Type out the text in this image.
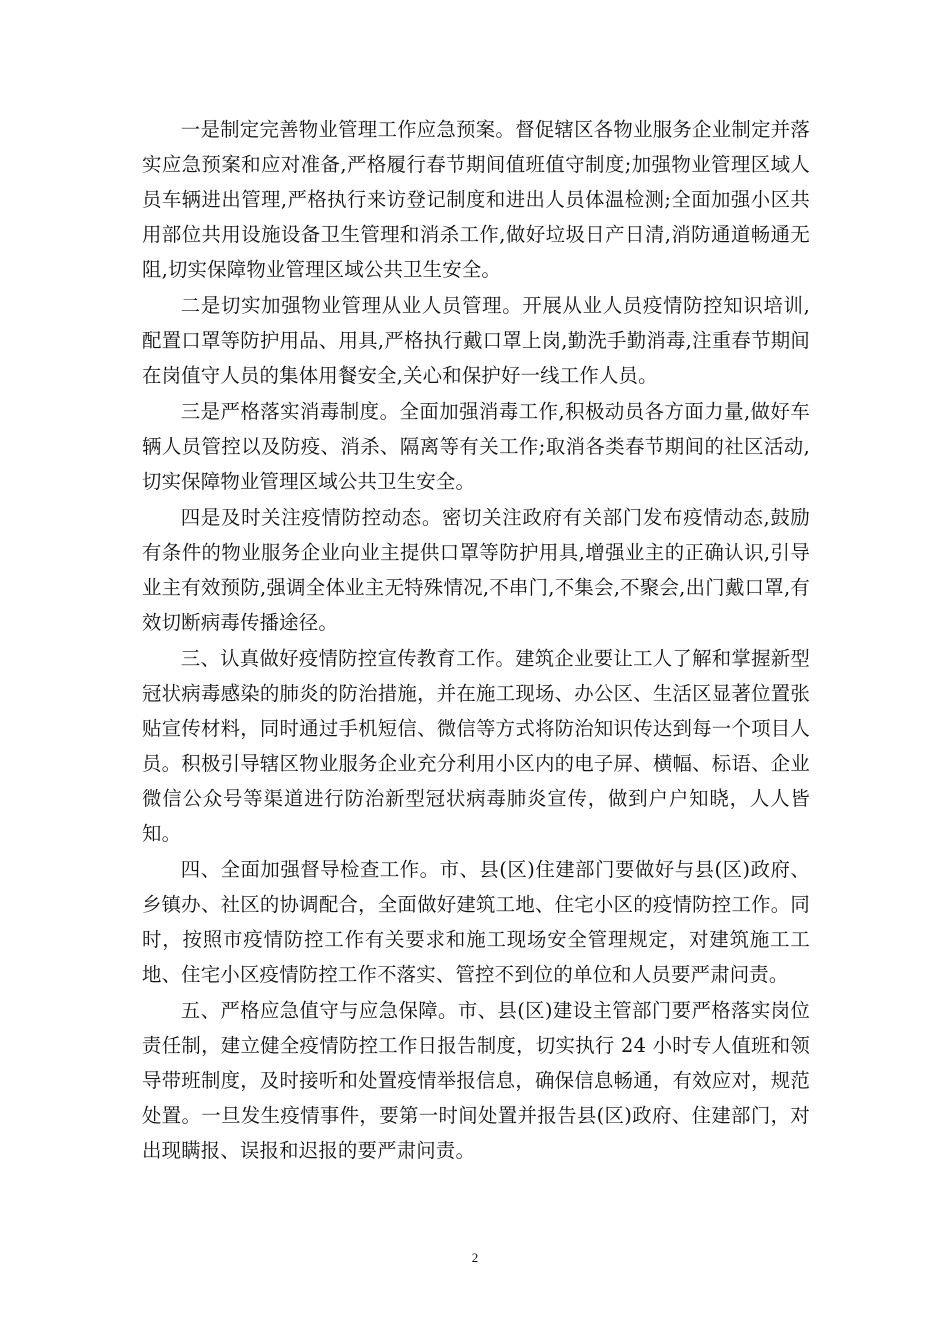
一是制定完善物业管理工作应急预案。督促辖区各物业服务企业制定并落实应急预案和应对准备,严格履行春节期间值班值守制度;加强物业管理区域人员车辆进出管理,严格执行来访登记制度和进出人员体温检测;全面加强小区共用部位共用设施设备卫生管理和消杀工作,做好垃圾日产日清,消防通道畅通无阻,切实保障物业管理区域公共卫生安全。

二是切实加强物业管理从业人员管理。开展从业人员疫情防控知识培训,配置口罩等防护用品、用具,严格执行戴口罩上岗,勤洗手勤消毒,注重春节期间在岗值守人员的集体用餐安全,关心和保护好一线工作人员。

三是严格落实消毒制度。全面加强消毒工作,积极动员各方面力量,做好车辆人员管控以及防疫、消杀、隔离等有关工作;取消各类春节期间的社区活动,切实保障物业管理区域公共卫生安全。

四是及时关注疫情防控动态。密切关注政府有关部门发布疫情动态,鼓励有条件的物业服务企业向业主提供口罩等防护用具,增强业主的正确认识,引导业主有效预防,强调全体业主无特殊情况,不串门,不集会,不聚会,出门戴口罩,有效切断病毒传播途径。

三、认真做好疫情防控宣传教育工作。建筑企业要让工人了解和掌握新型冠状病毒感染的肺炎的防治措施，并在施工现场、办公区、生活区显著位置张贴宣传材料，同时通过手机短信、微信等方式将防治知识传达到每一个项目人员。积极引导辖区物业服务企业充分利用小区内的电子屏、横幅、标语、企业微信公众号等渠道进行防治新型冠状病毒肺炎宣传，做到户户知晓，人人皆知。

四、全面加强督导检查工作。市、县(区)住建部门要做好与县(区)政府、乡镇办、社区的协调配合，全面做好建筑工地、住宅小区的疫情防控工作。同时，按照市疫情防控工作有关要求和施工现场安全管理规定，对建筑施工工地、住宅小区疫情防控工作不落实、管控不到位的单位和人员要严肃问责。

五、严格应急值守与应急保障。市、县(区)建设主管部门要严格落实岗位责任制，建立健全疫情防控工作日报告制度，切实执行 24 小时专人值班和领导带班制度，及时接听和处置疫情举报信息，确保信息畅通，有效应对，规范处置。一旦发生疫情事件，要第一时间处置并报告县(区)政府、住建部门，对出现瞒报、误报和迟报的要严肃问责。

2
